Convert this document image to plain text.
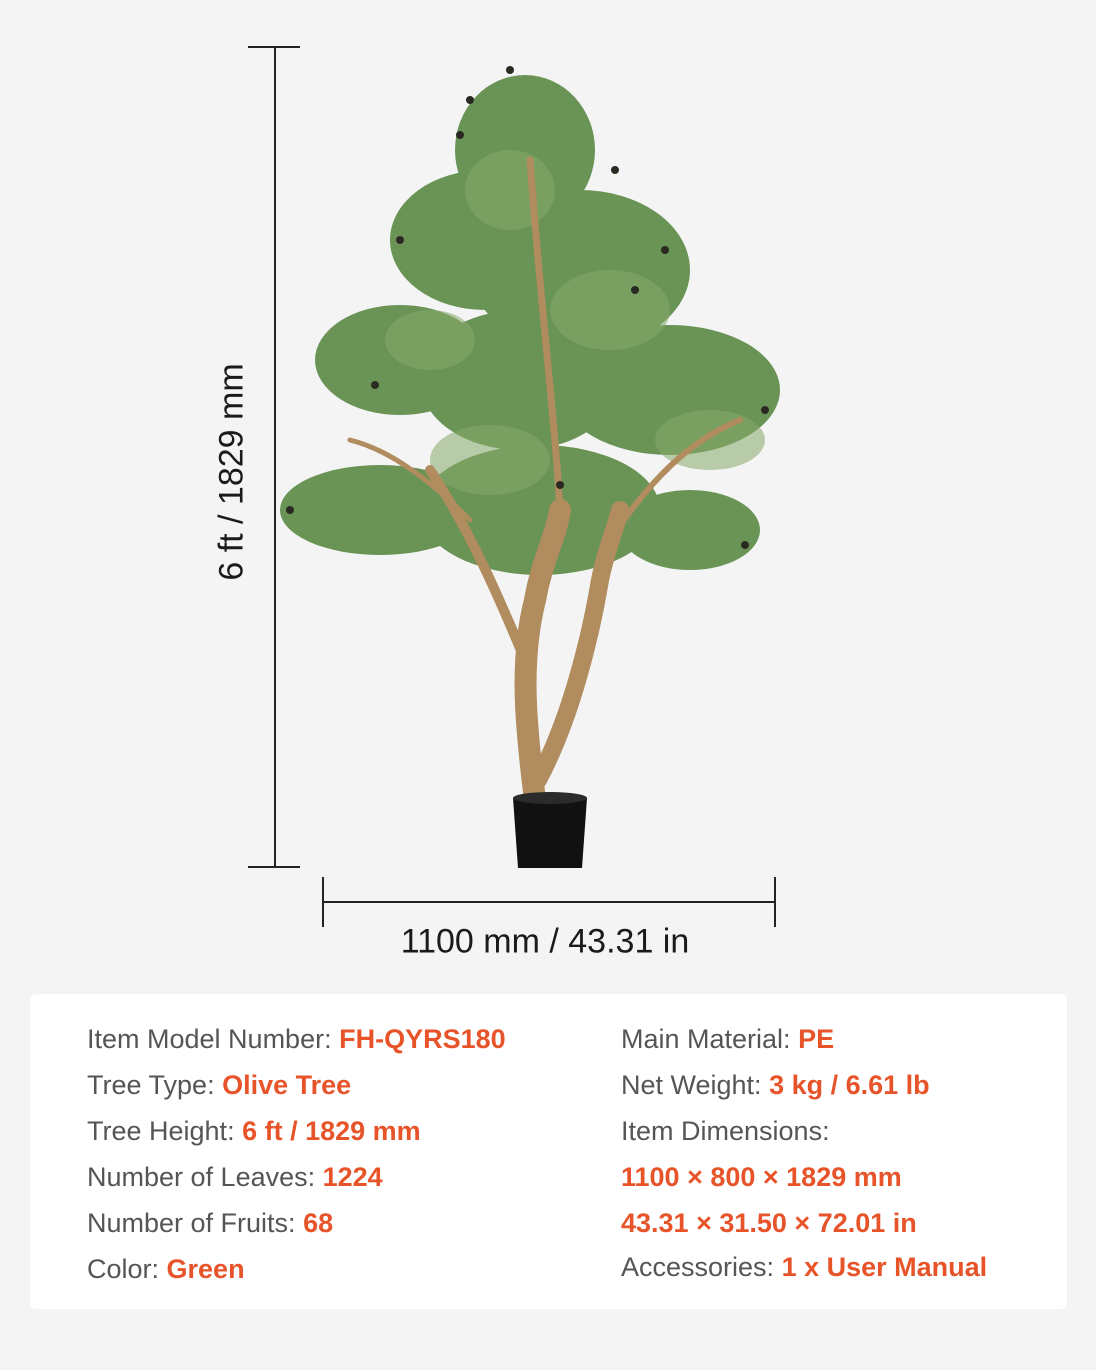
6 ft / 1829 mm
1100 mm / 43.31 in
Item Model Number: FH-QYRS180
Tree Type: Olive Tree
Tree Height: 6 ft / 1829 mm
Number of Leaves: 1224
Number of Fruits: 68
Color: Green
Main Material: PE
Net Weight: 3 kg / 6.61 lb
Item Dimensions:
1100 × 800 × 1829 mm
43.31 × 31.50 × 72.01 in
Accessories: 1 x User Manual
